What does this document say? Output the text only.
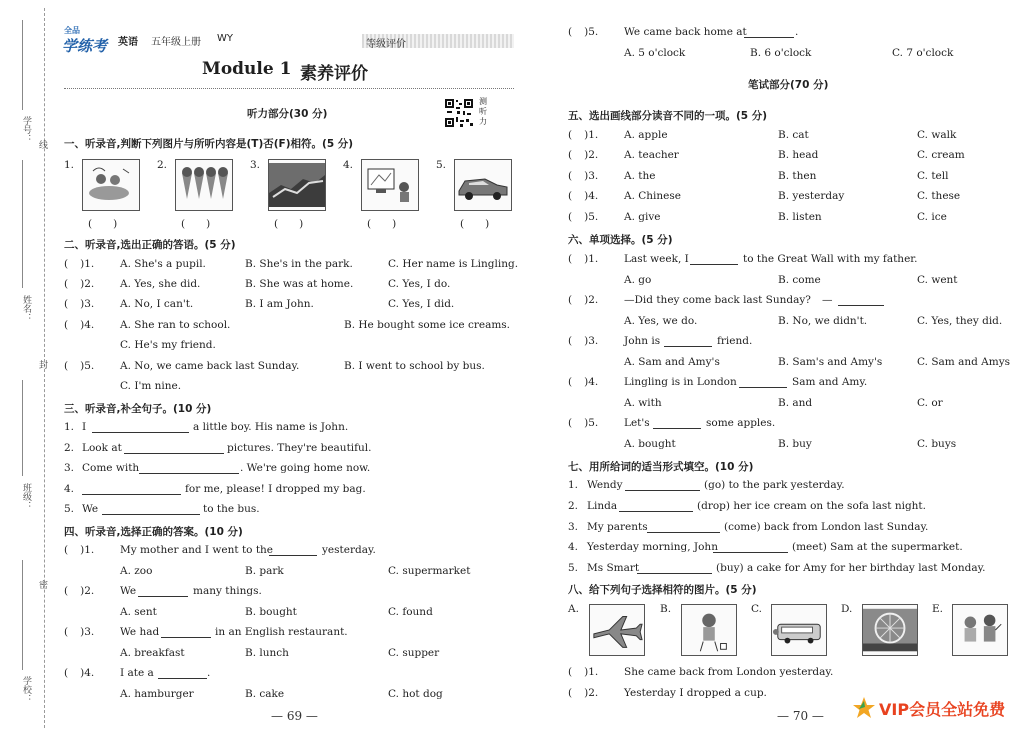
学号：
线
姓名：
封
班级：
密
学校：
全品
学练考 英语 五年级上册 WY
等级评价
Module 1 素养评价
听力部分(30 分)
测听力
一、听录音,判断下列图片与所听内容是(T)否(F)相符。(5 分)
1.
(　　)
2.
(　　)
3.
(　　)
4.
(　　)
5.
(　　)
二、听录音,选出正确的答语。(5 分)
( )1. A. She's a pupil.	B. She's in the park.	C. Her name is Lingling.
( )2. A. Yes, she did.	B. She was at home.	C. Yes, I do.
( )3. A. No, I can't.	B. I am John.	C. Yes, I did.
( )4. A. She ran to school.	B. He bought some ice creams.
C. He's my friend.
( )5. A. No, we came back last Sunday.	B. I went to school by bus.
C. I'm nine.
三、听录音,补全句子。(10 分)
1. I	a little boy. His name is John.
2. Look at	pictures. They're beautiful.
3. Come with	. We're going home now.
4.	for me, please! I dropped my bag.
5. We	to the bus.
四、听录音,选择正确的答案。(10 分)
( )1. My mother and I went to the	yesterday.
A. zoo	B. park	C. supermarket
( )2. We	many things.
A. sent	B. bought	C. found
( )3. We had	in an English restaurant.
A. breakfast	B. lunch	C. supper
( )4. I ate a	.
A. hamburger	B. cake	C. hot dog
— 69 —
( )5. We came back home at	.
A. 5 o'clock	B. 6 o'clock	C. 7 o'clock
笔试部分(70 分)
五、选出画线部分读音不同的一项。(5 分)
( )1. A. apple	B. cat	C. walk
( )2. A. teacher	B. head	C. cream
( )3. A. the	B. then	C. tell
( )4. A. Chinese	B. yesterday	C. these
( )5. A. give	B. listen	C. ice
六、单项选择。(5 分)
( )1. Last week, I	to the Great Wall with my father.
A. go	B. come	C. went
( )2. —Did they come back last Sunday? —
A. Yes, we do.	B. No, we didn't.	C. Yes, they did.
( )3. John is	friend.
A. Sam and Amy's	B. Sam's and Amy's	C. Sam and Amys
( )4. Lingling is in London	Sam and Amy.
A. with	B. and	C. or
( )5. Let's	some apples.
A. bought	B. buy	C. buys
七、用所给词的适当形式填空。(10 分)
1. Wendy	(go) to the park yesterday.
2. Linda	(drop) her ice cream on the sofa last night.
3. My parents	(come) back from London last Sunday.
4. Yesterday morning, John	(meet) Sam at the supermarket.
5. Ms Smart	(buy) a cake for Amy for her birthday last Monday.
八、给下列句子选择相符的图片。(5 分)
A.	B.	C.	D.	E.
( )1. She came back from London yesterday.
( )2. Yesterday I dropped a cup.
— 70 —	VIP会员全站免费
